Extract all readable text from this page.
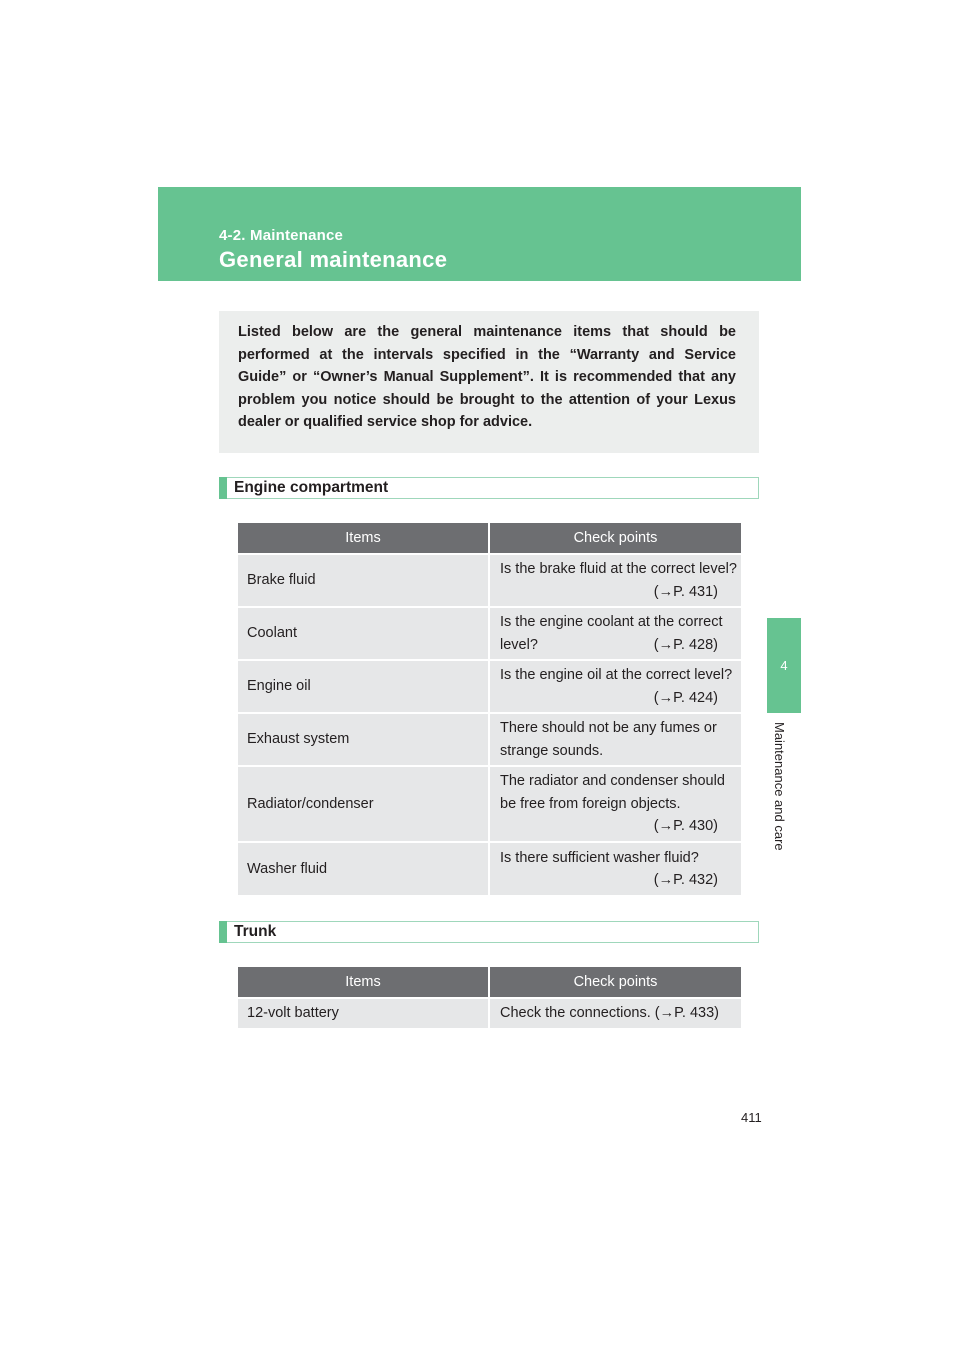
4-2. Maintenance
General maintenance
4
Maintenance and care

Listed below are the general maintenance items that should be performed at the intervals specified in the “Warranty and Service Guide” or “Owner’s Manual Supplement”. It is recommended that any problem you notice should be brought to the attention of your Lexus dealer or qualified service shop for advice.

Engine compartment
Items	Check points
Brake fluid	Is the brake fluid at the correct level?
(→P. 431)

Coolant	Is the engine coolant at the correct level? (→P. 428)

Engine oil	Is the engine oil at the correct level?
(→P. 424)

Exhaust system	There should not be any fumes or strange sounds.

Radiator/condenser	The radiator and condenser should be free from foreign objects.
(→P. 430)

Washer fluid	Is there sufficient washer fluid?
(→P. 432)
Trunk
Items	Check points
12-volt battery	Check the connections. (→P. 433)
411
